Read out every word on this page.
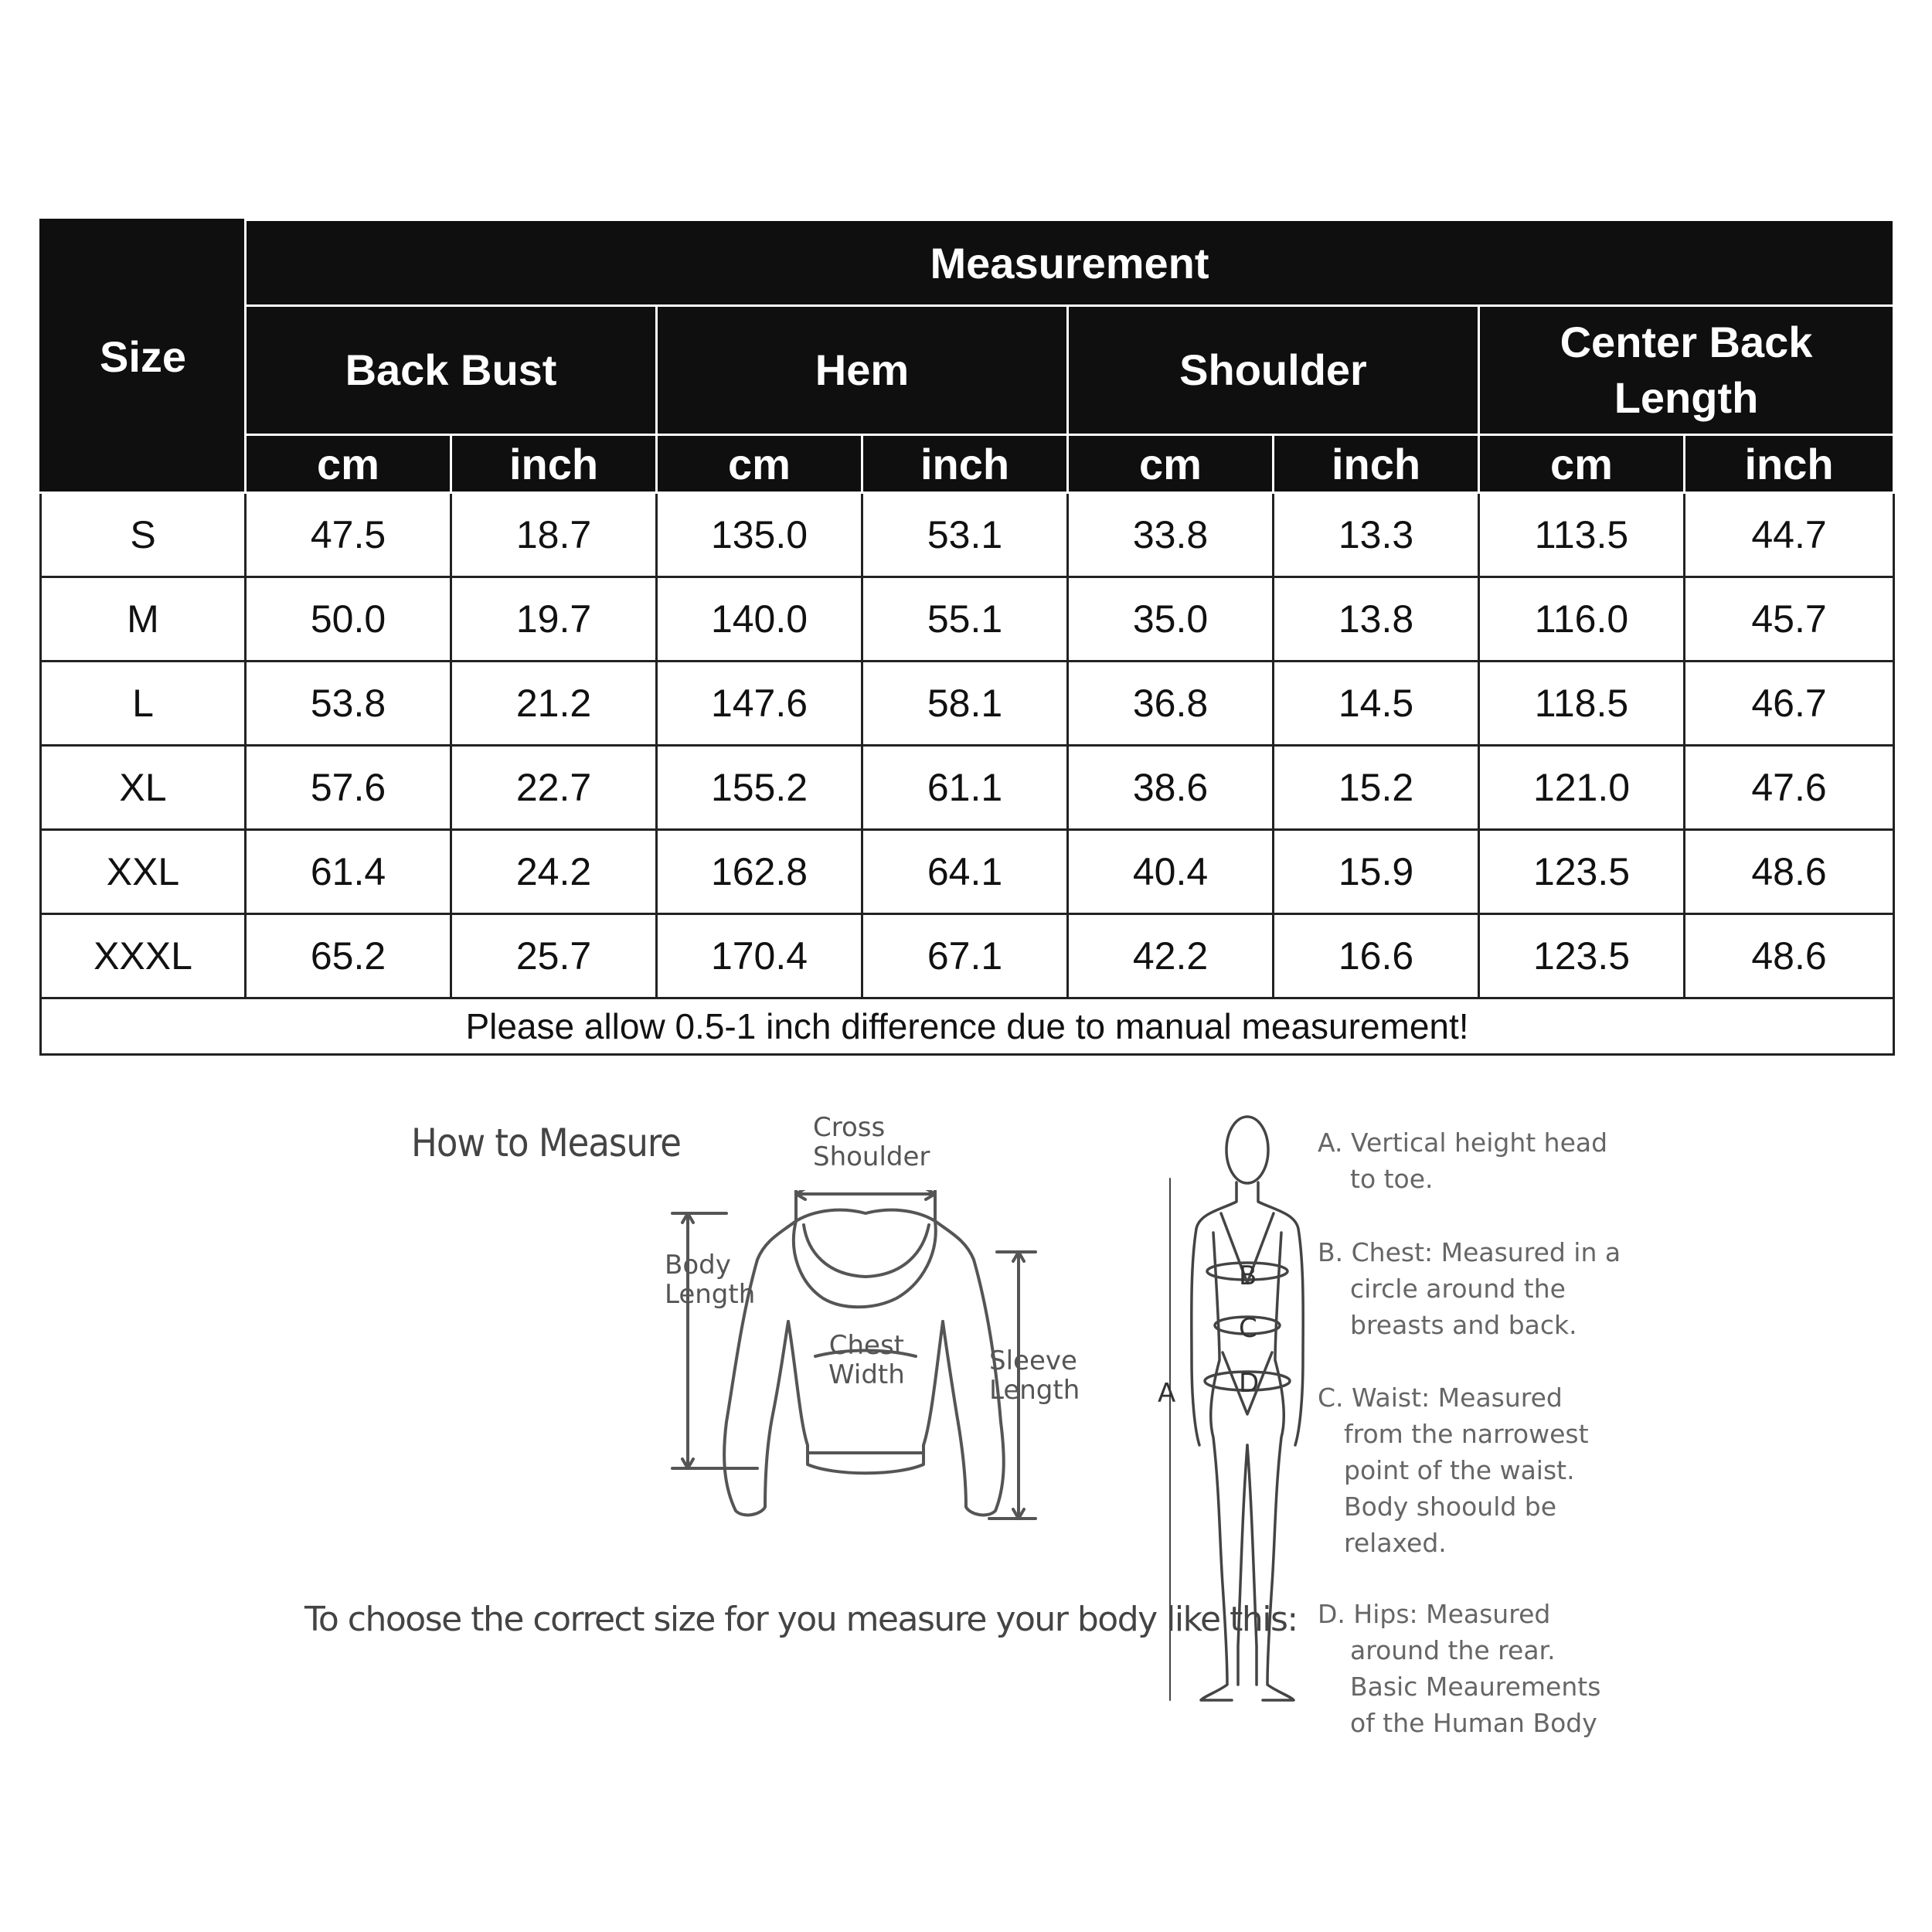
Size	Measurement							
	Back Bust		Hem		Shoulder		Center Back Length	
	cm	inch	cm	inch	cm	inch	cm	inch
S	47.5	18.7	135.0	53.1	33.8	13.3	113.5	44.7
M	50.0	19.7	140.0	55.1	35.0	13.8	116.0	45.7
L	53.8	21.2	147.6	58.1	36.8	14.5	118.5	46.7
XL	57.6	22.7	155.2	61.1	38.6	15.2	121.0	47.6
XXL	61.4	24.2	162.8	64.1	40.4	15.9	123.5	48.6
XXXL	65.2	25.7	170.4	67.1	42.2	16.6	123.5	48.6
Please allow 0.5-1 inch difference due to manual measurement!								
How to Measure	Cross
Shoulder
Body
Length
Chest
Width	Sleeve
Length
B
C
D
A
A. Vertical height head
to toe.
B. Chest: Measured in a
circle around the
breasts and back.
C. Waist: Measured
from the narrowest
point of the waist.
Body shoould be
relaxed.
D. Hips: Measured
around the rear.
Basic Meaurements
of the Human Body
To choose the correct size for you measure your body like this:
